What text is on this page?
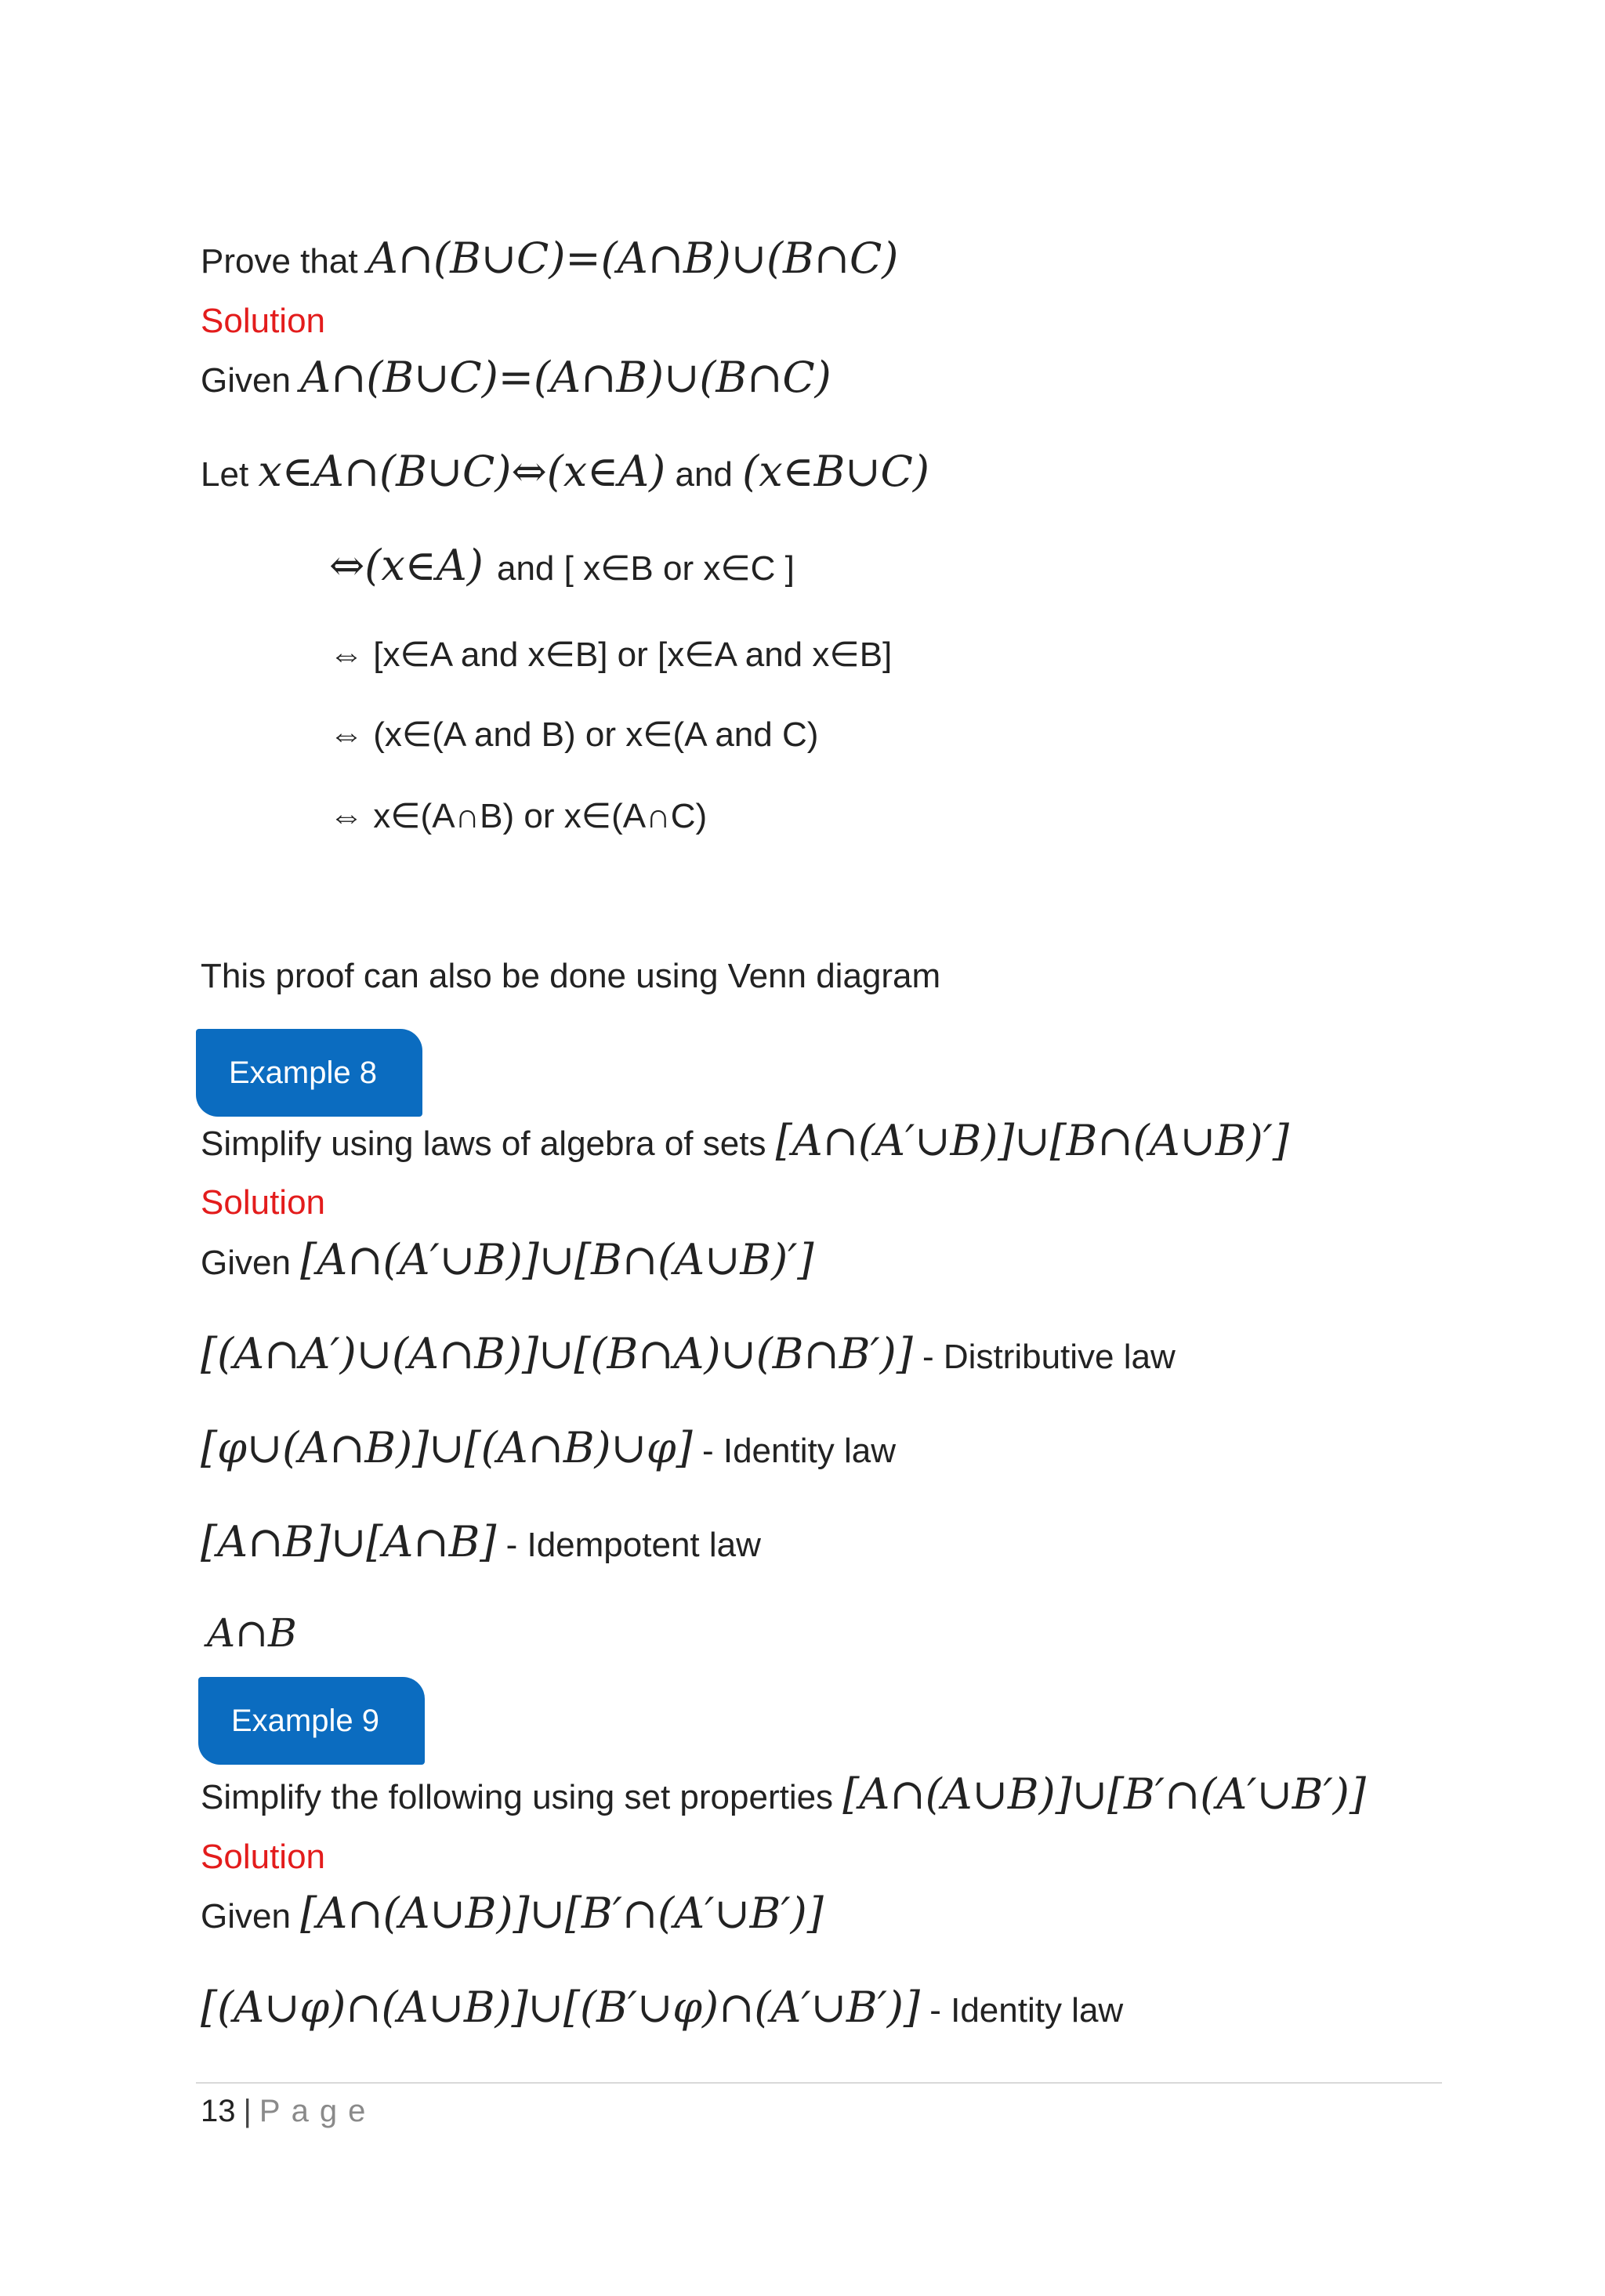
Prove that A∩(B∪C)=(A∩B)∪(B∩C)
Solution
Given A∩(B∪C)=(A∩B)∪(B∩C)
Let x∈A∩(B∪C)⇔(x∈A) and (x∈B∪C)
⇔(x∈A) and [ x∈B or x∈C ]
⇔ [x∈A and x∈B] or [x∈A and x∈B]
⇔ (x∈(A and B) or x∈(A and C)
⇔ x∈(A∩B) or x∈(A∩C)
This proof can also be done using Venn diagram
Example 8
Simplify using laws of algebra of sets [A∩(A′∪B)]∪[B∩(A∪B)′]
Solution
Given [A∩(A′∪B)]∪[B∩(A∪B)′]
[(A∩A′)∪(A∩B)]∪[(B∩A)∪(B∩B′)] - Distributive law
[φ∪(A∩B)]∪[(A∩B)∪φ] - Identity law
[A∩B]∪[A∩B] - Idempotent law
A∩B
Example 9
Simplify the following using set properties [A∩(A∪B)]∪[B′∩(A′∪B′)]
Solution
Given [A∩(A∪B)]∪[B′∩(A′∪B′)]
[(A∪φ)∩(A∪B)]∪[(B′∪φ)∩(A′∪B′)] - Identity law
13 | Page
